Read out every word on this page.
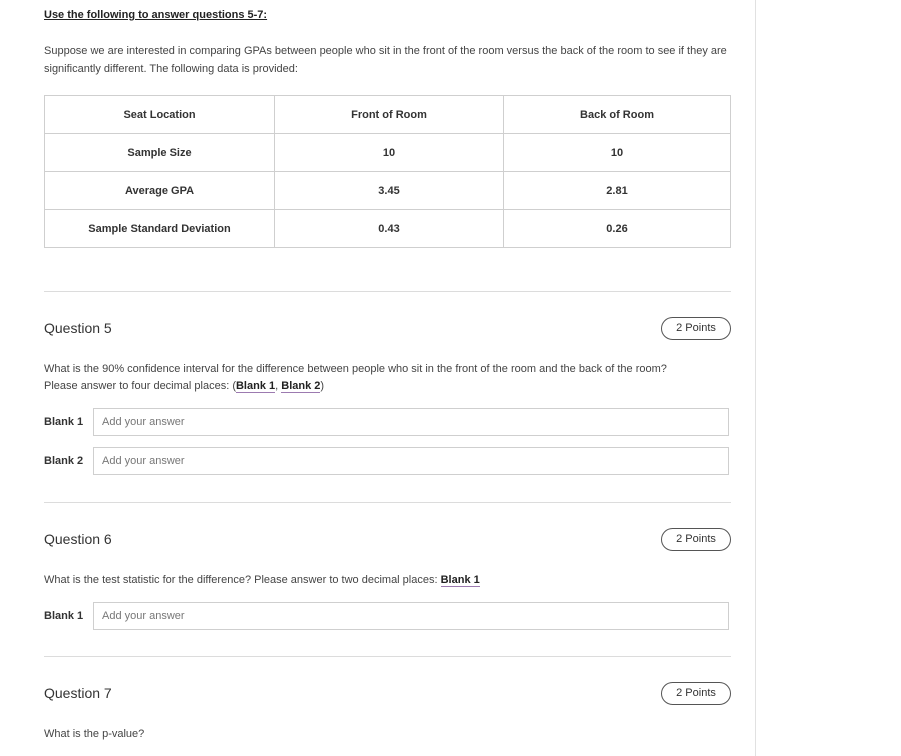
Use the following to answer questions 5-7:
Suppose we are interested in comparing GPAs between people who sit in the front of the room versus the back of the room to see if they are significantly different. The following data is provided:
Seat Location	Front of Room	Back of Room
Sample Size	10	10
Average GPA	3.45	2.81
Sample Standard Deviation	0.43	0.26
Question 5	2 Points
What is the 90% confidence interval for the difference between people who sit in the front of the room and the back of the room?
Please answer to four decimal places: (Blank 1, Blank 2)
Blank 1
Add your answer
Blank 2
Add your answer
Question 6	2 Points
What is the test statistic for the difference? Please answer to two decimal places: Blank 1
Blank 1
Add your answer
Question 7	2 Points
What is the p-value?
